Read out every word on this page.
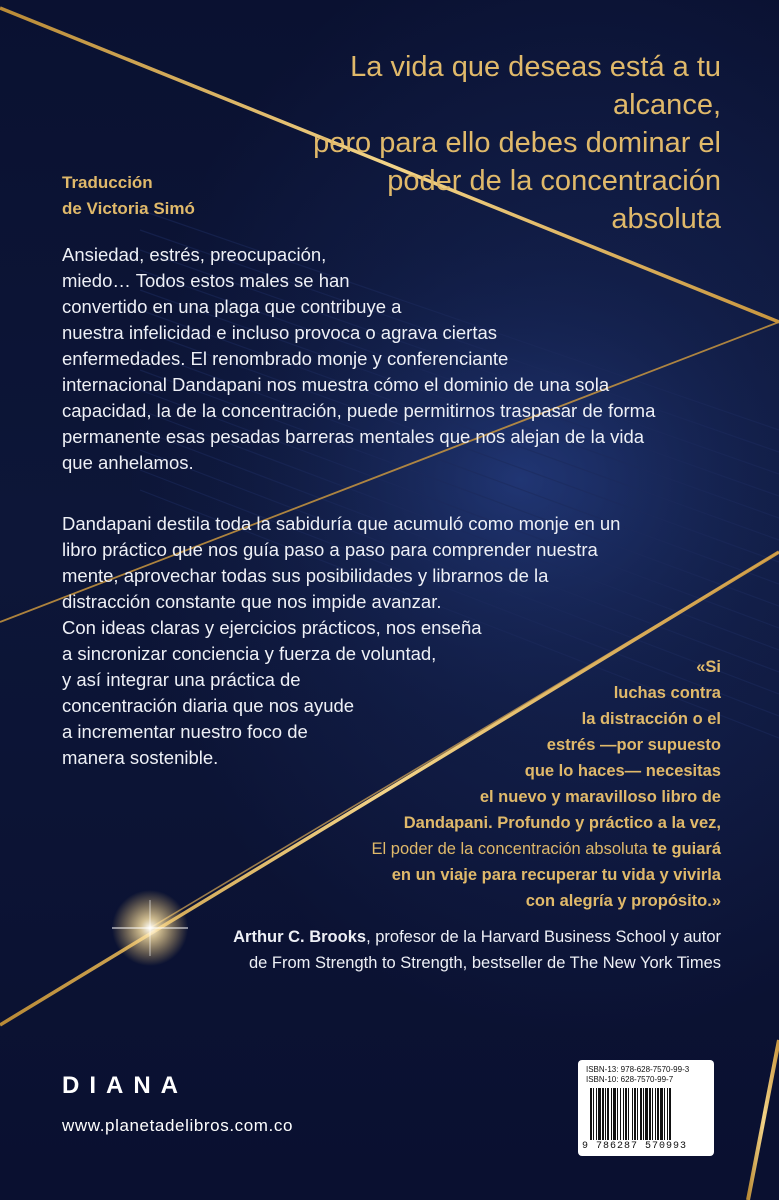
La vida que deseas está a tu alcance,
pero para ello debes dominar el
poder de la concentración
absoluta
Traducción
de Victoria Simó
Ansiedad, estrés, preocupación,
miedo… Todos estos males se han
convertido en una plaga que contribuye a
nuestra infelicidad e incluso provoca o agrava ciertas
enfermedades. El renombrado monje y conferenciante
internacional Dandapani nos muestra cómo el dominio de una sola
capacidad, la de la concentración, puede permitirnos traspasar de forma
permanente esas pesadas barreras mentales que nos alejan de la vida
que anhelamos.
Dandapani destila toda la sabiduría que acumuló como monje en un
libro práctico que nos guía paso a paso para comprender nuestra
mente, aprovechar todas sus posibilidades y librarnos de la
distracción constante que nos impide avanzar.
Con ideas claras y ejercicios prácticos, nos enseña
a sincronizar conciencia y fuerza de voluntad,
y así integrar una práctica de
concentración diaria que nos ayude
a incrementar nuestro foco de
manera sostenible.
«Si
luchas contra
la distracción o el
estrés —por supuesto
que lo haces— necesitas
el nuevo y maravilloso libro de
Dandapani. Profundo y práctico a la vez,
El poder de la concentración absoluta te guiará
en un viaje para recuperar tu vida y vivirla
con alegría y propósito.»
Arthur C. Brooks, profesor de la Harvard Business School y autor
de From Strength to Strength, bestseller de The New York Times
DIANA
www.planetadelibros.com.co
ISBN-13: 978-628-7570-99-3
ISBN-10: 628-7570-99-7
9 786287 570993
